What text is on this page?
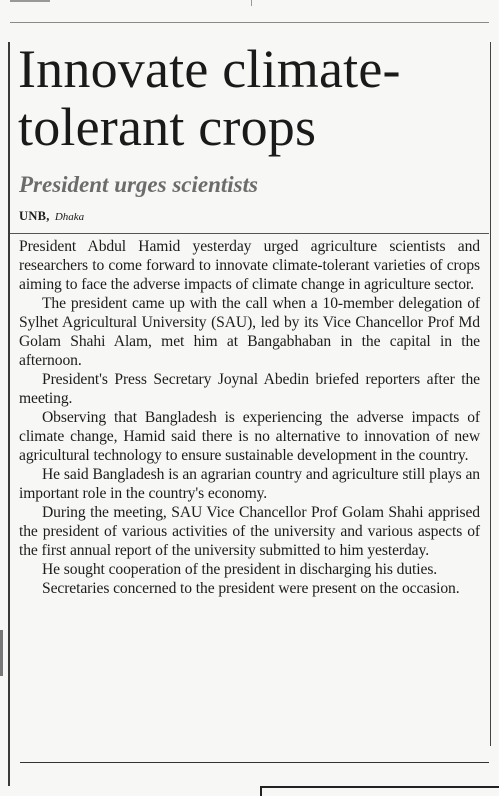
Innovate climate-tolerant crops
President urges scientists
UNB, Dhaka

President Abdul Hamid yesterday urged agriculture scientists and researchers to come forward to innovate climate-tolerant varieties of crops aiming to face the adverse impacts of climate change in agriculture sector.

The president came up with the call when a 10-member delegation of Sylhet Agricultural University (SAU), led by its Vice Chancellor Prof Md Golam Shahi Alam, met him at Bangabhaban in the capital in the afternoon.

President's Press Secretary Joynal Abedin briefed reporters after the meeting.

Observing that Bangladesh is experiencing the adverse impacts of climate change, Hamid said there is no alternative to innovation of new agricultural technology to ensure sustainable development in the country.

He said Bangladesh is an agrarian country and agriculture still plays an important role in the country's economy.

During the meeting, SAU Vice Chancellor Prof Golam Shahi apprised the president of various activities of the university and various aspects of the first annual report of the university submitted to him yesterday.

He sought cooperation of the president in discharging his duties.

Secretaries concerned to the president were present on the occasion.
